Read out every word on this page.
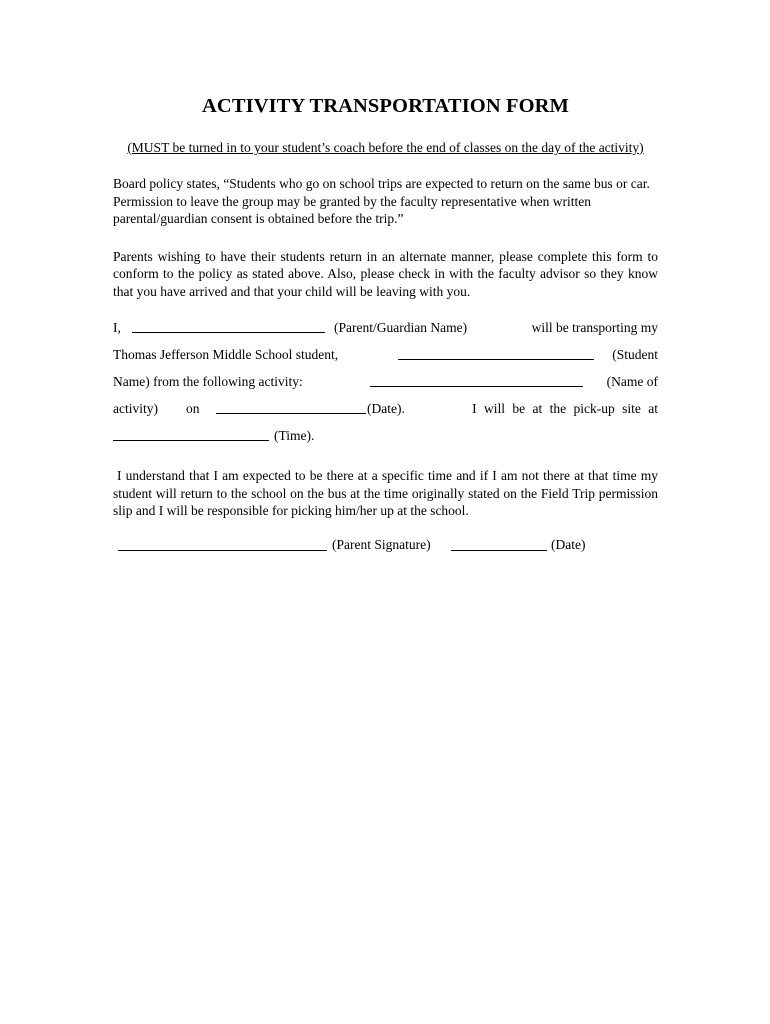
ACTIVITY TRANSPORTATION FORM

(MUST be turned in to your student’s coach before the end of classes on the day of the activity)

Board policy states, “Students who go on school trips are expected to return on the same bus or car. Permission to leave the group may be granted by the faculty representative when written parental/guardian consent is obtained before the trip.”

Parents wishing to have their students return in an alternate manner, please complete this form to conform to the policy as stated above. Also, please check in with the faculty advisor so they know that you have arrived and that your child will be leaving with you.

I,	(Parent/Guardian Name)	will be transporting my
Thomas Jefferson Middle School student,	(Student
Name) from the following activity:	(Name of
activity) on	(Date).	I will be at the pick-up site at
(Time).

I understand that I am expected to be there at a specific time and if I am not there at that time my student will return to the school on the bus at the time originally stated on the Field Trip permission slip and I will be responsible for picking him/her up at the school.

(Parent Signature)	(Date)
